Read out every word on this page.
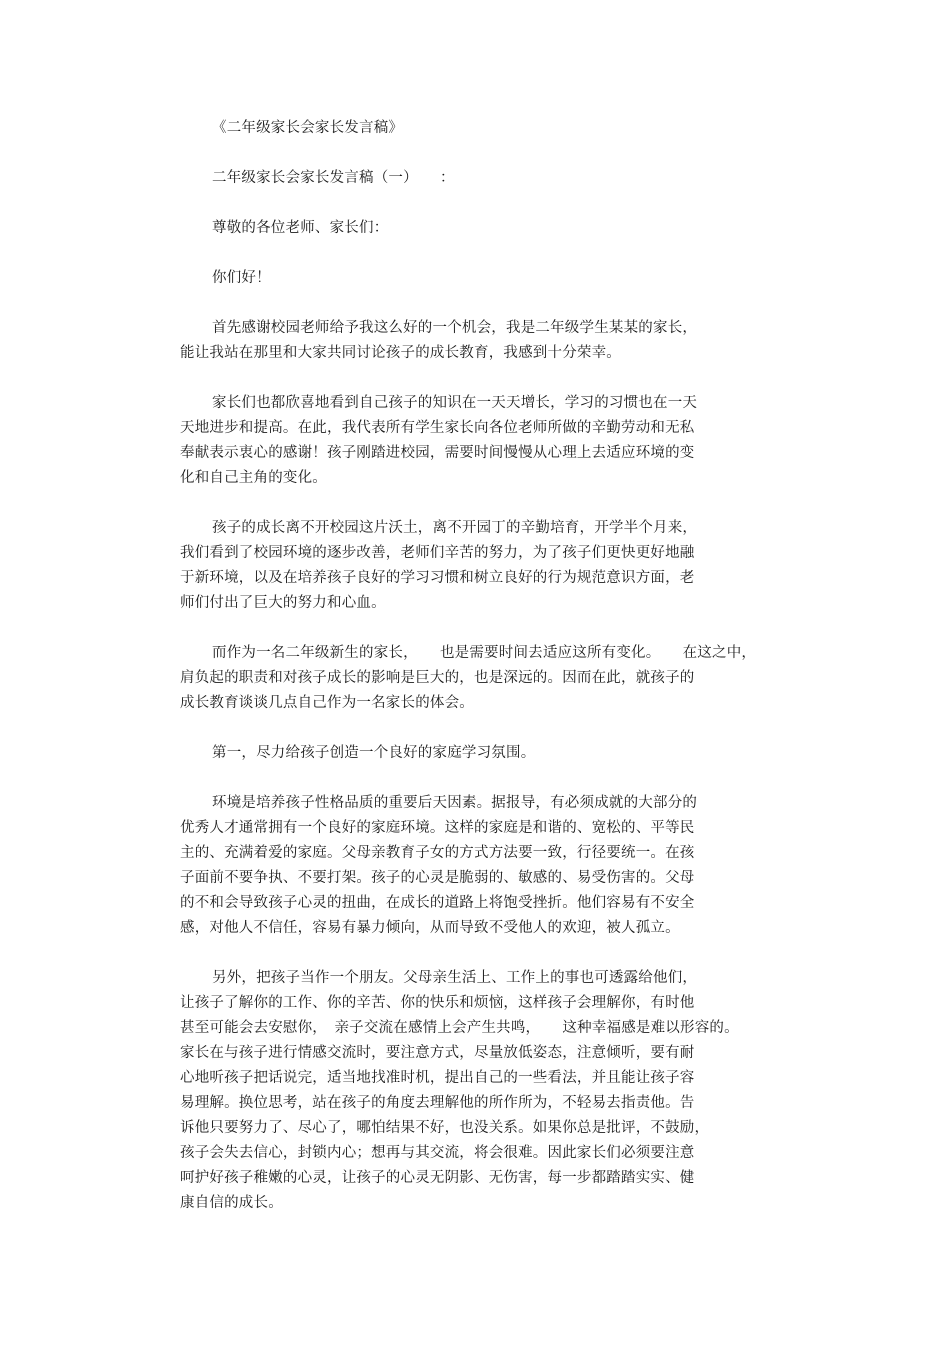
《二年级家长会家长发言稿》
二年级家长会家长发言稿（一）　　：
尊敬的各位老师、家长们：
你们好！
首先感谢校园老师给予我这么好的一个机会，我是二年级学生某某的家长，
能让我站在那里和大家共同讨论孩子的成长教育，我感到十分荣幸。
家长们也都欣喜地看到自己孩子的知识在一天天增长，学习的习惯也在一天
天地进步和提高。在此，我代表所有学生家长向各位老师所做的辛勤劳动和无私
奉献表示衷心的感谢！孩子刚踏进校园，需要时间慢慢从心理上去适应环境的变
化和自己主角的变化。
孩子的成长离不开校园这片沃土，离不开园丁的辛勤培育，开学半个月来，
我们看到了校园环境的逐步改善，老师们辛苦的努力，为了孩子们更快更好地融
于新环境，以及在培养孩子良好的学习习惯和树立良好的行为规范意识方面，老
师们付出了巨大的努力和心血。
而作为一名二年级新生的家长，　　也是需要时间去适应这所有变化。　　在这之中，
肩负起的职责和对孩子成长的影响是巨大的，也是深远的。因而在此，就孩子的
成长教育谈谈几点自己作为一名家长的体会。
第一，尽力给孩子创造一个良好的家庭学习氛围。
环境是培养孩子性格品质的重要后天因素。据报导，有必须成就的大部分的
优秀人才通常拥有一个良好的家庭环境。这样的家庭是和谐的、宽松的、平等民
主的、充满着爱的家庭。父母亲教育子女的方式方法要一致，行径要统一。在孩
子面前不要争执、不要打架。孩子的心灵是脆弱的、敏感的、易受伤害的。父母
的不和会导致孩子心灵的扭曲，在成长的道路上将饱受挫折。他们容易有不安全
感，对他人不信任，容易有暴力倾向，从而导致不受他人的欢迎，被人孤立。
另外，把孩子当作一个朋友。父母亲生活上、工作上的事也可透露给他们，
让孩子了解你的工作、你的辛苦、你的快乐和烦恼，这样孩子会理解你，有时他
甚至可能会去安慰你，　亲子交流在感情上会产生共鸣，　　这种幸福感是难以形容的。
家长在与孩子进行情感交流时，要注意方式，尽量放低姿态，注意倾听，要有耐
心地听孩子把话说完，适当地找准时机，提出自己的一些看法，并且能让孩子容
易理解。换位思考，站在孩子的角度去理解他的所作所为，不轻易去指责他。告
诉他只要努力了、尽心了，哪怕结果不好，也没关系。如果你总是批评，不鼓励，
孩子会失去信心，封锁内心；想再与其交流，将会很难。因此家长们必须要注意
呵护好孩子稚嫩的心灵，让孩子的心灵无阴影、无伤害，每一步都踏踏实实、健
康自信的成长。
